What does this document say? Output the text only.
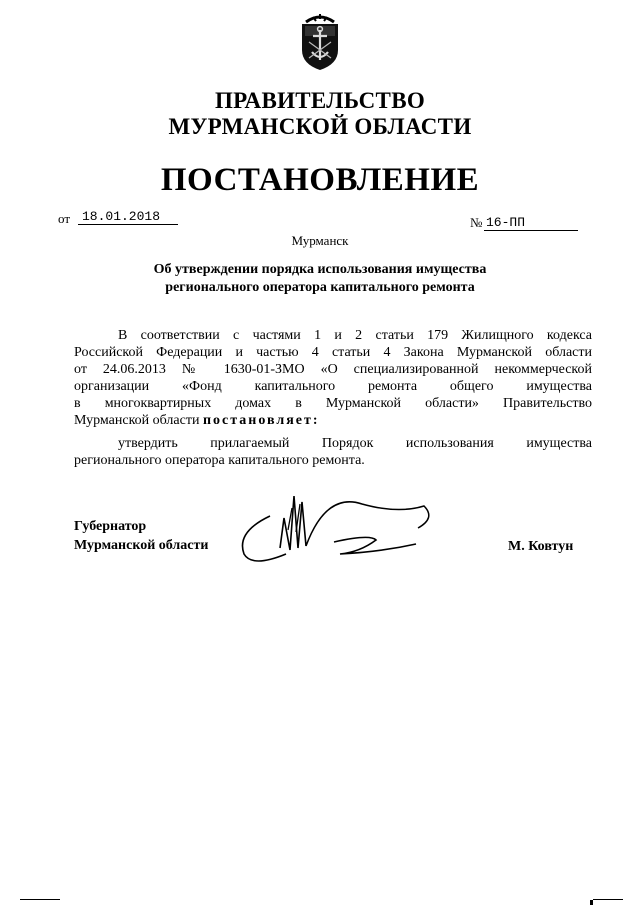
ПРАВИТЕЛЬСТВО
МУРМАНСКОЙ ОБЛАСТИ
ПОСТАНОВЛЕНИЕ
от 18.01.2018	№ 16-ПП
Мурманск
Об утверждении порядка использования имущества
регионального оператора капитального ремонта
В соответствии с частями 1 и 2 статьи 179 Жилищного кодекса
Российской Федерации и частью 4 статьи 4 Закона Мурманской области
от 24.06.2013 № 1630-01-ЗМО «О специализированной некоммерческой
организации «Фонд капитального ремонта общего имущества
в многоквартирных домах в Мурманской области» Правительство
Мурманской области постановляет:
утвердить прилагаемый Порядок использования имущества
регионального оператора капитального ремонта.
Губернатор
Мурманской области	М. Ковтун
